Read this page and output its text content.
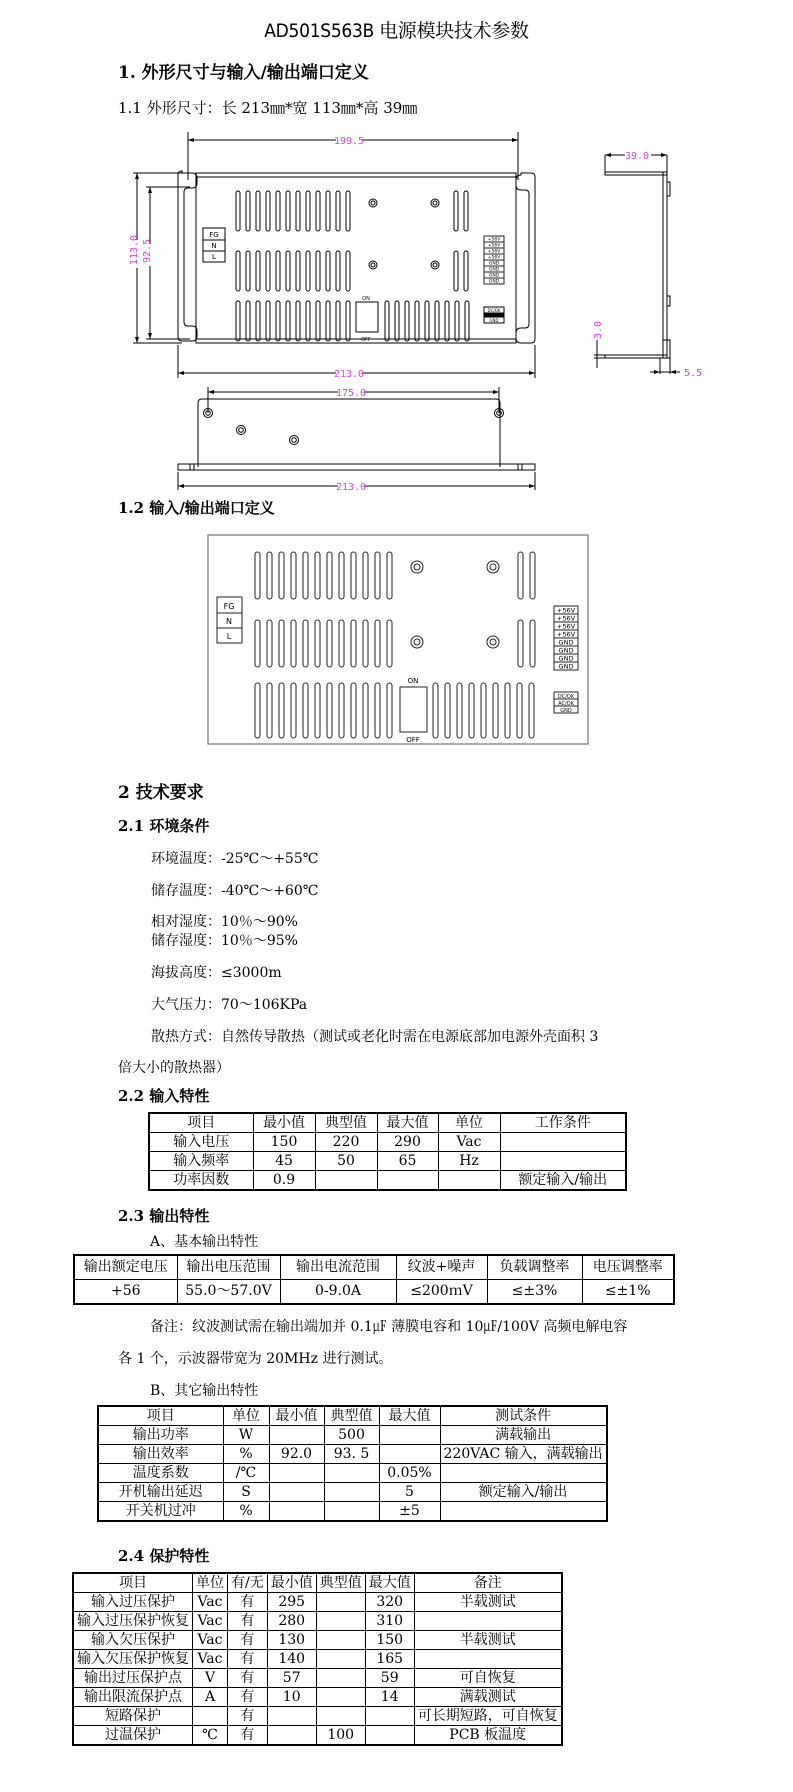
AD501S563B 电源模块技术参数
1. 外形尺寸与输入/输出端口定义
1.1 外形尺寸：长 213㎜*宽 113㎜*高 39㎜
199.5
213.0
113.0 92.5
FG
N
L
+56V
+56V
+56V
+56V
GND
GND
GND
GND
DC/OK
GND
ON
OFF
39.0
3.0
5.5
175.0
213.0
1.2 输入/输出端口定义
FG
N
L
ON
OFF
+56V
+56V
+56V
+56V
GND
GND
GND
GND
DC/OK
AC/OK
GND
2 技术要求
2.1 环境条件
环境温度：-25℃～+55℃
储存温度：-40℃～+60℃
相对湿度：10％～90%
储存湿度：10％～95%
海拔高度：≤3000m
大气压力：70～106KPa
散热方式：自然传导散热（测试或老化时需在电源底部加电源外壳面积 3
倍大小的散热器）
2.2 输入特性
项目	最小值	典型值	最大值	单位	工作条件
输入电压	150	220	290	Vac	
输入频率	45	50	65	Hz	
功率因数	0.9				额定输入/输出
2.3 输出特性
A、基本输出特性
输出额定电压	输出电压范围	输出电流范围	纹波+噪声	负载调整率	电压调整率
+56	55.0～57.0V	0-9.0A	≤200ｍV	≤±3%	≤±1%
备注：纹波测试需在输出端加并 0.1㎌ 薄膜电容和 10㎌/100V 高频电解电容
各 1 个，示波器带宽为 20MHz 进行测试。
B、其它输出特性
项目	单位	最小值	典型值	最大值	测试条件
输出功率	W		500		满载输出
输出效率	%	92.0	93. 5		220VAC 输入，满载输出
温度系数	/℃			0.05%	
开机输出延迟	S			5	额定输入/输出
开关机过冲	%			±5	
2.4 保护特性
项目	单位	有/无	最小值	典型值	最大值	备注
输入过压保护	Vac	有	295		320	半载测试
输入过压保护恢复	Vac	有	280		310	
输入欠压保护	Vac	有	130		150	半载测试
输入欠压保护恢复	Vac	有	140		165	
输出过压保护点	V	有	57		59	可自恢复
输出限流保护点	A	有	10		14	满载测试
短路保护		有				可长期短路，可自恢复
过温保护	℃	有		100		PCB 板温度
